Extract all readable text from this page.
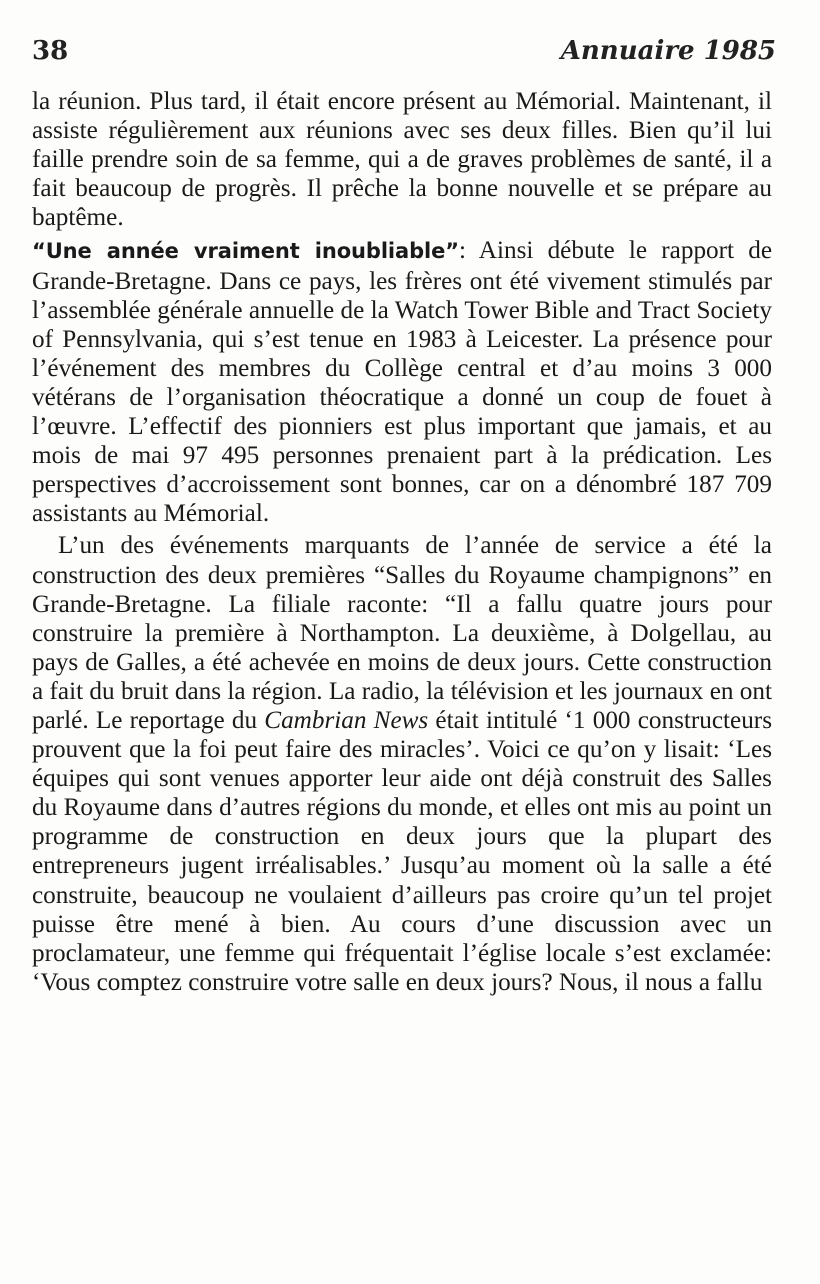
38	Annuaire 1985

la réunion. Plus tard, il était encore présent au Mémorial. Maintenant, il assiste régulièrement aux réunions avec ses deux filles. Bien qu’il lui faille prendre soin de sa femme, qui a de graves problèmes de santé, il a fait beaucoup de progrès. Il prêche la bonne nouvelle et se prépare au baptême.

“Une année vraiment inoubliable”: Ainsi débute le rapport de Grande-Bretagne. Dans ce pays, les frères ont été vivement stimulés par l’assemblée générale annuelle de la Watch Tower Bible and Tract Society of Pennsylvania, qui s’est tenue en 1983 à Leicester. La présence pour l’événement des membres du Collège central et d’au moins 3 000 vétérans de l’organisation théocratique a donné un coup de fouet à l’œuvre. L’effectif des pionniers est plus important que jamais, et au mois de mai 97 495 personnes prenaient part à la prédication. Les perspectives d’accroissement sont bonnes, car on a dénombré 187 709 assistants au Mémorial.

L’un des événements marquants de l’année de service a été la construction des deux premières “Salles du Royaume champignons” en Grande-Bretagne. La filiale raconte: “Il a fallu quatre jours pour construire la première à Northampton. La deuxième, à Dolgellau, au pays de Galles, a été achevée en moins de deux jours. Cette construction a fait du bruit dans la région. La radio, la télévision et les journaux en ont parlé. Le reportage du Cambrian News était intitulé ‘1 000 constructeurs prouvent que la foi peut faire des miracles’. Voici ce qu’on y lisait: ‘Les équipes qui sont venues apporter leur aide ont déjà construit des Salles du Royaume dans d’autres régions du monde, et elles ont mis au point un programme de construction en deux jours que la plupart des entrepreneurs jugent irréalisables.’ Jusqu’au moment où la salle a été construite, beaucoup ne voulaient d’ailleurs pas croire qu’un tel projet puisse être mené à bien. Au cours d’une discussion avec un proclamateur, une femme qui fréquentait l’église locale s’est exclamée: ‘Vous comptez construire votre salle en deux jours? Nous, il nous a fallu
